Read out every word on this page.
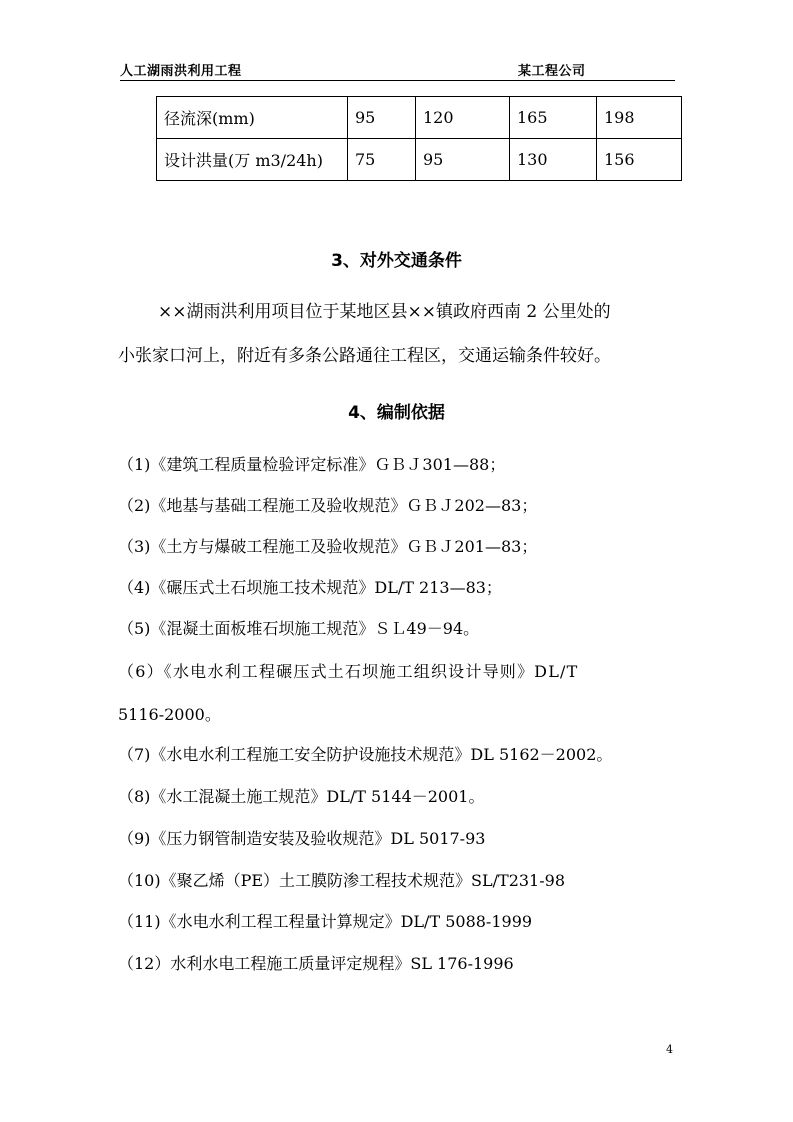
人工湖雨洪利用工程	某工程公司
径流深(mm)	95	120	165	198
设计洪量(万 m3/24h)	75	95	130	156
3、对外交通条件
××湖雨洪利用项目位于某地区县××镇政府西南 2 公里处的
小张家口河上，附近有多条公路通往工程区，交通运输条件较好。
4、编制依据
（1)《建筑工程质量检验评定标准》ＧＢＪ301—88；
（2)《地基与基础工程施工及验收规范》ＧＢＪ202—83；
（3)《土方与爆破工程施工及验收规范》ＧＢＪ201—83；
（4)《碾压式土石坝施工技术规范》DL/T 213—83；
（5)《混凝土面板堆石坝施工规范》ＳＬ49－94。
（6）《水电水利工程碾压式土石坝施工组织设计导则》DL/T
5116-2000。
（7)《水电水利工程施工安全防护设施技术规范》DL 5162－2002。
（8)《水工混凝土施工规范》DL/T 5144－2001。
（9)《压力钢管制造安装及验收规范》DL 5017-93
（10)《聚乙烯（PE）土工膜防渗工程技术规范》SL/T231-98
（11)《水电水利工程工程量计算规定》DL/T 5088-1999
（12）水利水电工程施工质量评定规程》SL 176-1996
4
